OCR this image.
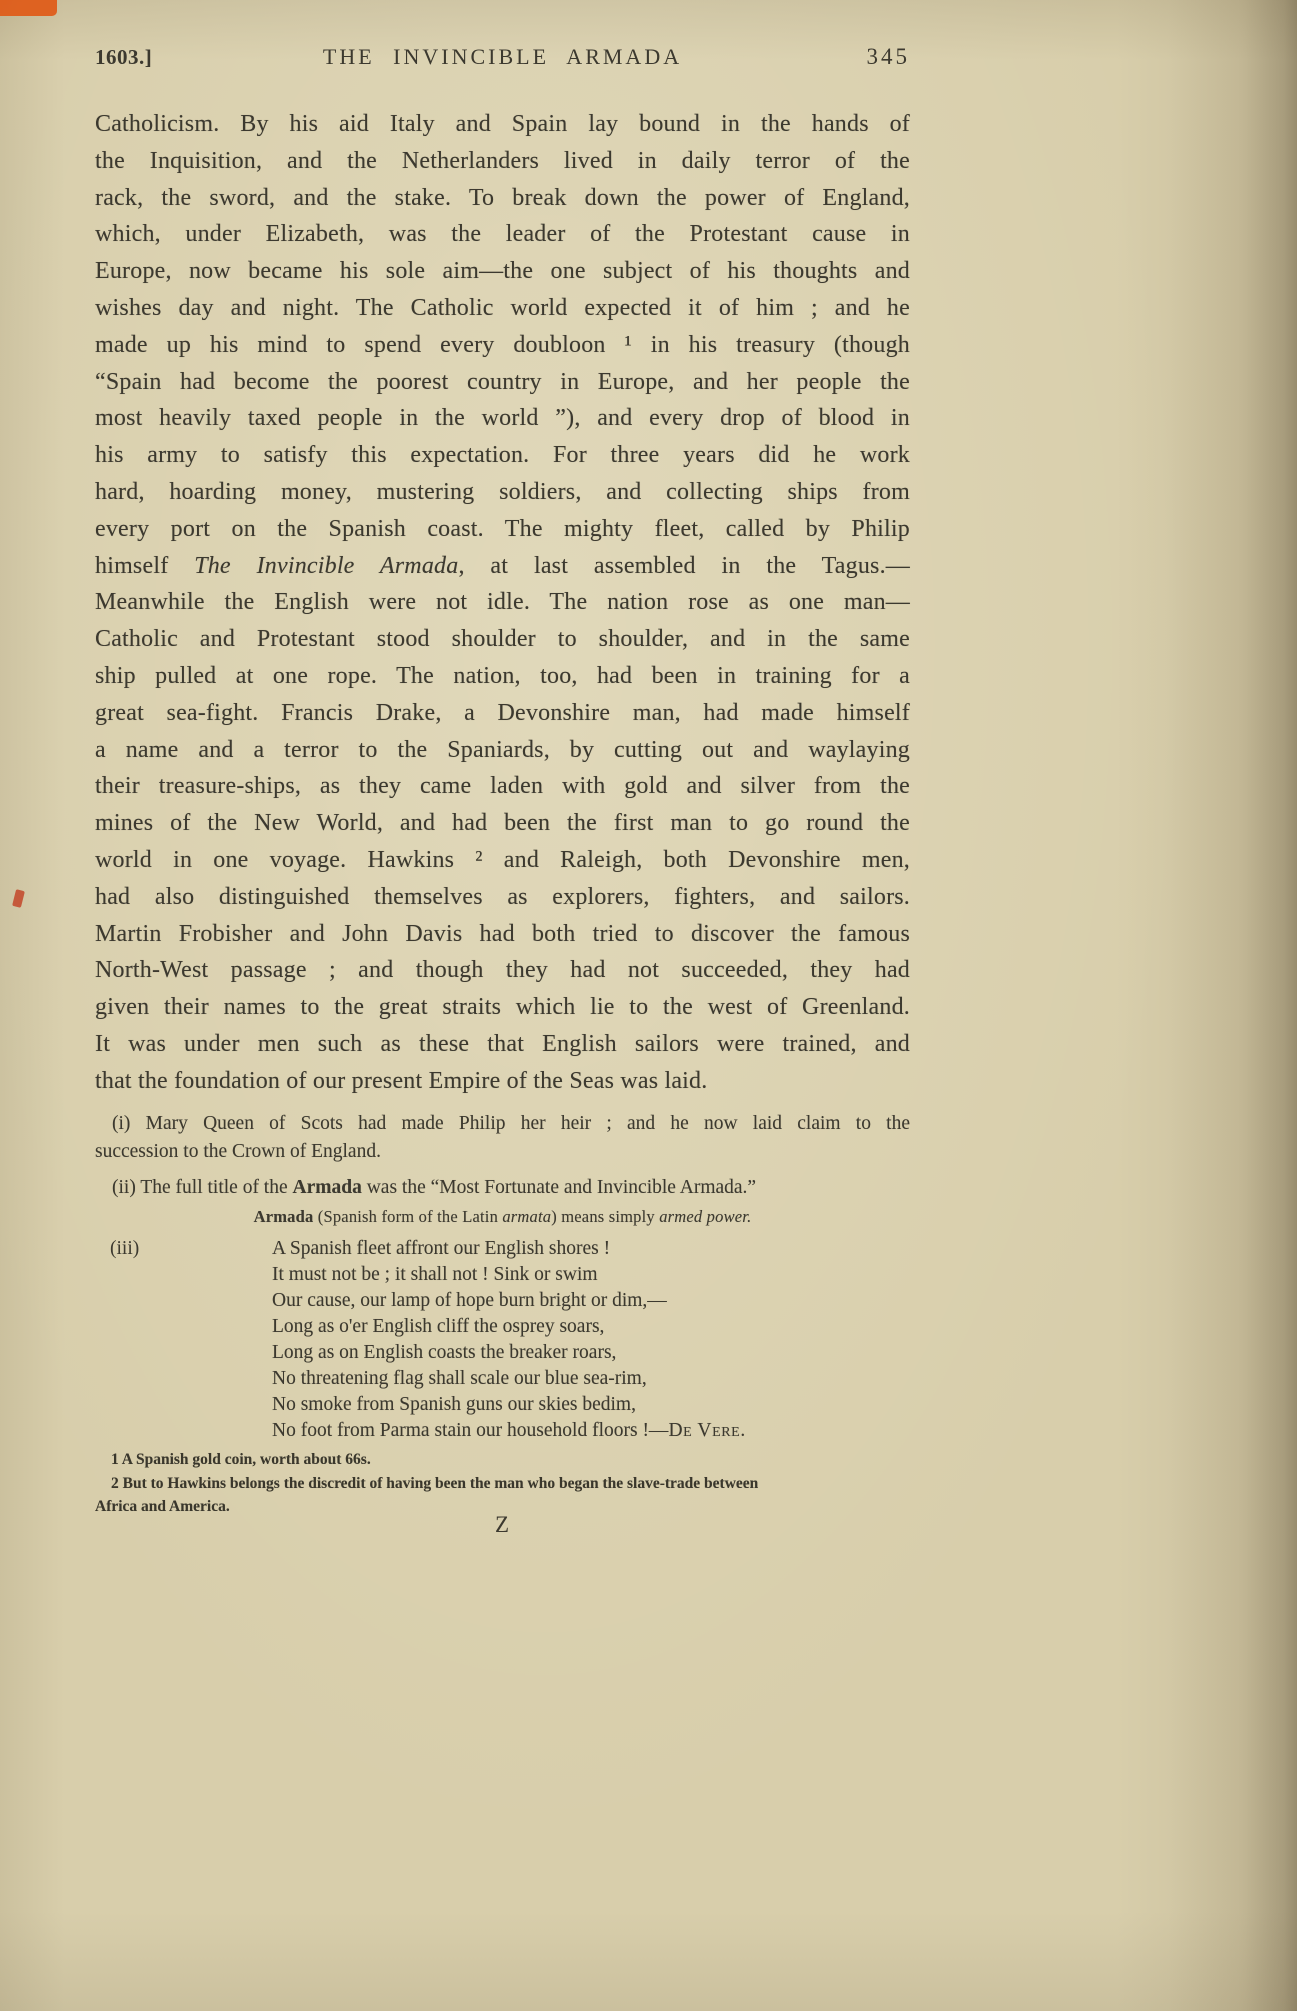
1603.]	THE INVINCIBLE ARMADA	345
Catholicism. By his aid Italy and Spain lay bound in the hands of
the Inquisition, and the Netherlanders lived in daily terror of the
rack, the sword, and the stake. To break down the power of England,
which, under Elizabeth, was the leader of the Protestant cause in
Europe, now became his sole aim—the one subject of his thoughts and
wishes day and night. The Catholic world expected it of him ; and he
made up his mind to spend every doubloon ¹ in his treasury (though
“Spain had become the poorest country in Europe, and her people the
most heavily taxed people in the world ”), and every drop of blood in
his army to satisfy this expectation. For three years did he work
hard, hoarding money, mustering soldiers, and collecting ships from
every port on the Spanish coast. The mighty fleet, called by Philip
himself The Invincible Armada, at last assembled in the Tagus.—
Meanwhile the English were not idle. The nation rose as one man—
Catholic and Protestant stood shoulder to shoulder, and in the same
ship pulled at one rope. The nation, too, had been in training for a
great sea-fight. Francis Drake, a Devonshire man, had made himself
a name and a terror to the Spaniards, by cutting out and waylaying
their treasure-ships, as they came laden with gold and silver from the
mines of the New World, and had been the first man to go round the
world in one voyage. Hawkins ² and Raleigh, both Devonshire men,
had also distinguished themselves as explorers, fighters, and sailors.
Martin Frobisher and John Davis had both tried to discover the famous
North-West passage ; and though they had not succeeded, they had
given their names to the great straits which lie to the west of Greenland.
It was under men such as these that English sailors were trained, and
that the foundation of our present Empire of the Seas was laid.
(i) Mary Queen of Scots had made Philip her heir ; and he now laid claim to the
succession to the Crown of England.
(ii) The full title of the Armada was the “Most Fortunate and Invincible Armada.”
Armada (Spanish form of the Latin armata) means simply armed power.
(iii)	A Spanish fleet affront our English shores !
It must not be ; it shall not ! Sink or swim
Our cause, our lamp of hope burn bright or dim,—
Long as o'er English cliff the osprey soars,
Long as on English coasts the breaker roars,
No threatening flag shall scale our blue sea-rim,
No smoke from Spanish guns our skies bedim,
No foot from Parma stain our household floors !—De Vere.
1 A Spanish gold coin, worth about 66s.
2 But to Hawkins belongs the discredit of having been the man who began the slave-trade between
Africa and America.
Z
